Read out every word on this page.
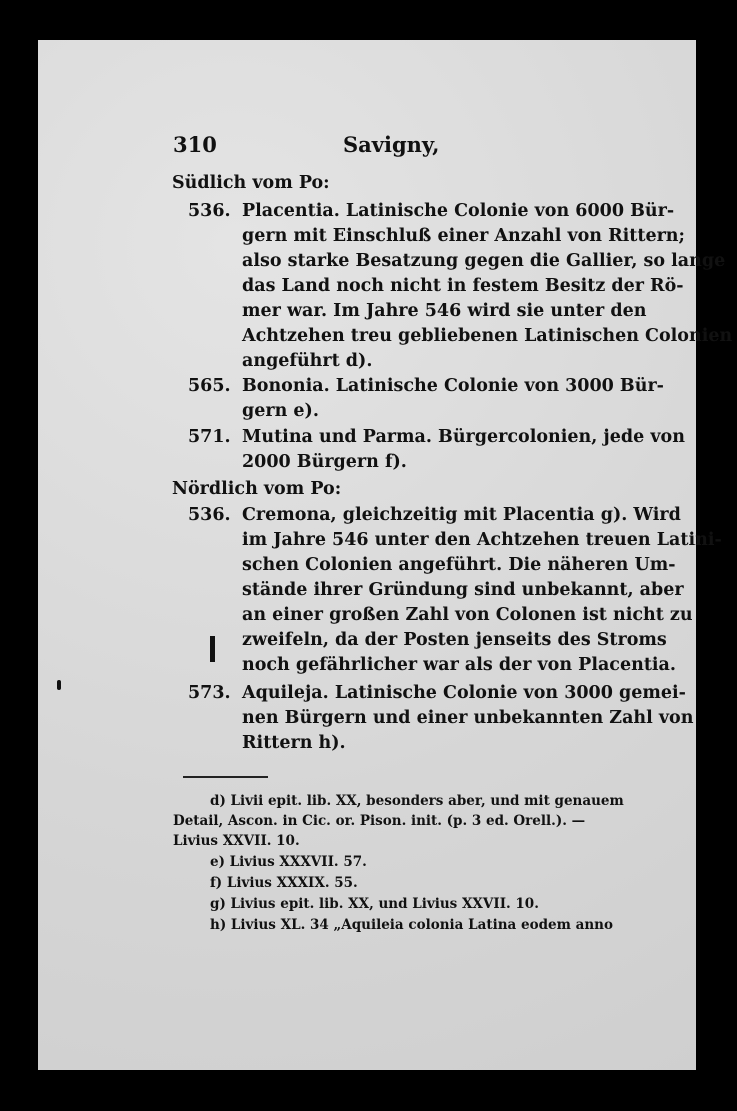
310	Savigny,
Südlich vom Po:
536. Placentia. Latinische Colonie von 6000 Bür-
gern mit Einschluß einer Anzahl von Rittern;
also starke Besatzung gegen die Gallier, so lange
das Land noch nicht in festem Besitz der Rö-
mer war. Im Jahre 546 wird sie unter den
Achtzehen treu gebliebenen Latinischen Colonien
angeführt d).
565. Bononia. Latinische Colonie von 3000 Bür-
gern e).
571. Mutina und Parma. Bürgercolonien, jede von
2000 Bürgern f).
Nördlich vom Po:
536. Cremona, gleichzeitig mit Placentia g). Wird
im Jahre 546 unter den Achtzehen treuen Latini-
schen Colonien angeführt. Die näheren Um-
stände ihrer Gründung sind unbekannt, aber
an einer großen Zahl von Colonen ist nicht zu
zweifeln, da der Posten jenseits des Stroms
noch gefährlicher war als der von Placentia.
573. Aquileja. Latinische Colonie von 3000 gemei-
nen Bürgern und einer unbekannten Zahl von
Rittern h).
d) Livii epit. lib. XX, besonders aber, und mit genauem
Detail, Ascon. in Cic. or. Pison. init. (p. 3 ed. Orell.). —
Livius XXVII. 10.
e) Livius XXXVII. 57.
f) Livius XXXIX. 55.
g) Livius epit. lib. XX, und Livius XXVII. 10.
h) Livius XL. 34 „Aquileia colonia Latina eodem anno
